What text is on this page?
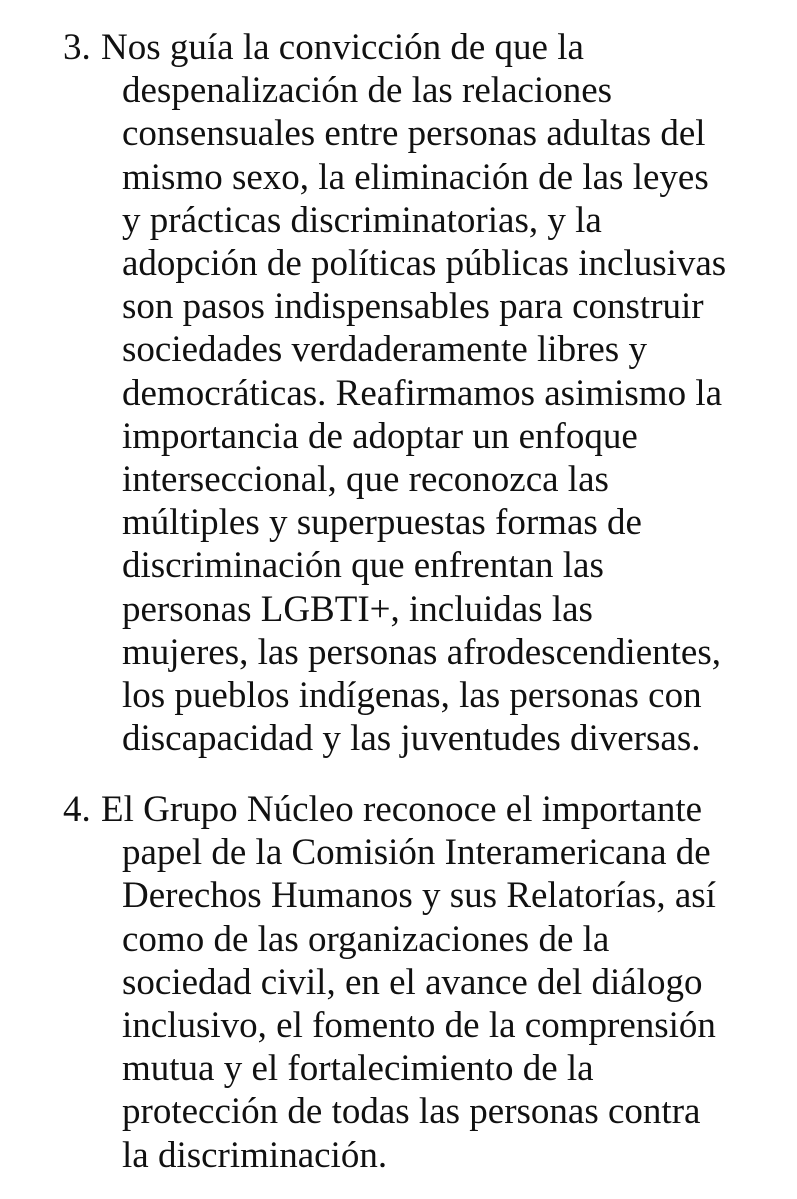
3. Nos guía la convicción de que la
despenalización de las relaciones
consensuales entre personas adultas del
mismo sexo, la eliminación de las leyes
y prácticas discriminatorias, y la
adopción de políticas públicas inclusivas
son pasos indispensables para construir
sociedades verdaderamente libres y
democráticas. Reafirmamos asimismo la
importancia de adoptar un enfoque
interseccional, que reconozca las
múltiples y superpuestas formas de
discriminación que enfrentan las
personas LGBTI+, incluidas las
mujeres, las personas afrodescendientes,
los pueblos indígenas, las personas con
discapacidad y las juventudes diversas.
4. El Grupo Núcleo reconoce el importante
papel de la Comisión Interamericana de
Derechos Humanos y sus Relatorías, así
como de las organizaciones de la
sociedad civil, en el avance del diálogo
inclusivo, el fomento de la comprensión
mutua y el fortalecimiento de la
protección de todas las personas contra
la discriminación.
